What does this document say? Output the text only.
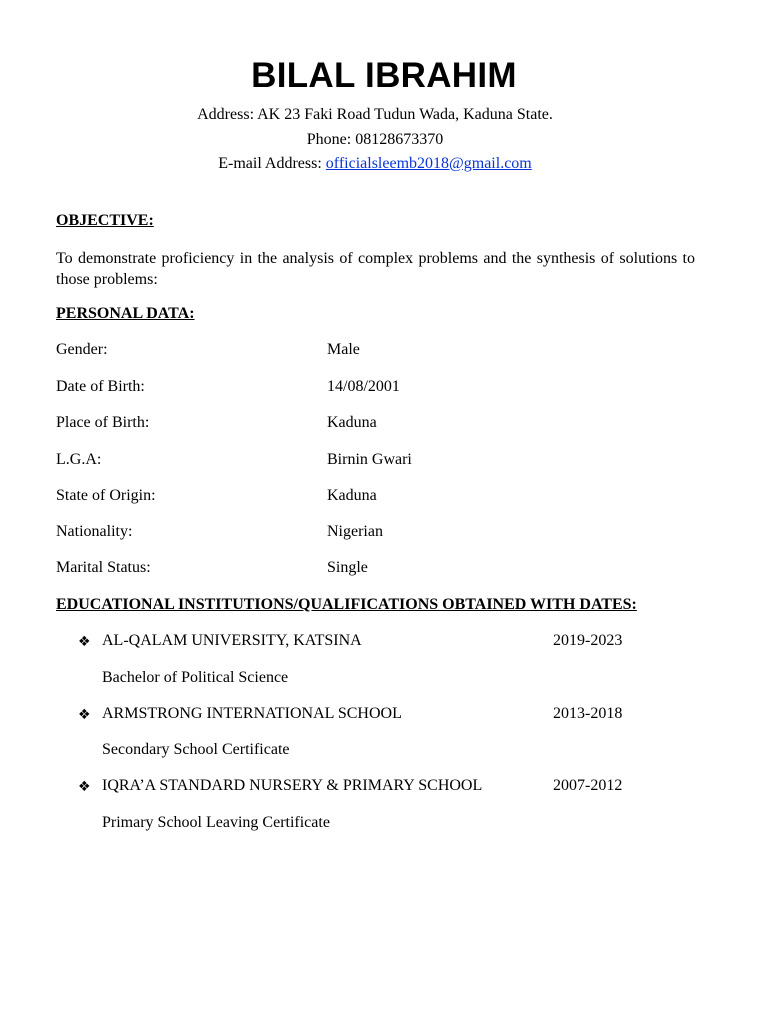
BILAL IBRAHIM
Address: AK 23 Faki Road Tudun Wada, Kaduna State.
Phone: 08128673370
E-mail Address: officialsleemb2018@gmail.com
OBJECTIVE:
To demonstrate proficiency in the analysis of complex problems and the synthesis of solutions to those problems:
PERSONAL DATA:
Gender:	Male
Date of Birth:	14/08/2001
Place of Birth:	Kaduna
L.G.A:	Birnin Gwari
State of Origin:	Kaduna
Nationality:	Nigerian
Marital Status:	Single
EDUCATIONAL INSTITUTIONS/QUALIFICATIONS OBTAINED WITH DATES:
❖ AL-QALAM UNIVERSITY, KATSINA	2019-2023
Bachelor of Political Science
❖ ARMSTRONG INTERNATIONAL SCHOOL	2013-2018
Secondary School Certificate
❖ IQRA’A STANDARD NURSERY & PRIMARY SCHOOL	2007-2012
Primary School Leaving Certificate
